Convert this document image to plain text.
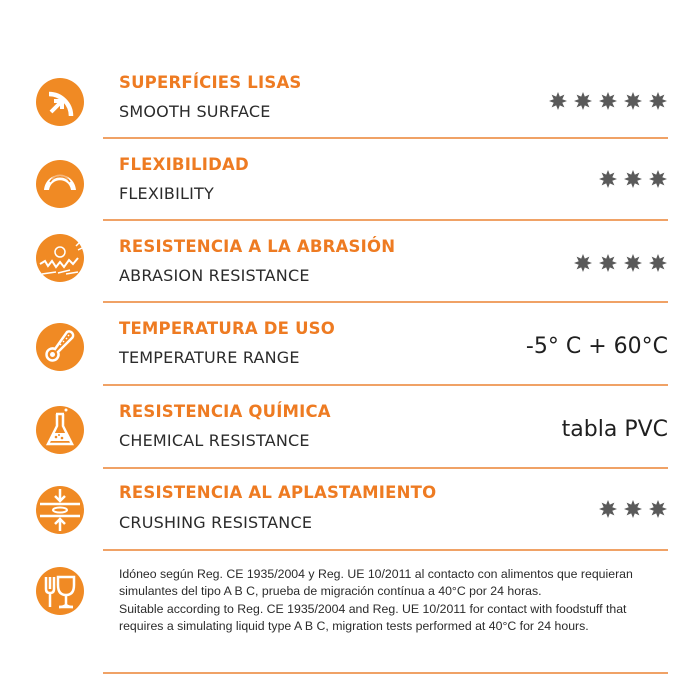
SUPERFÍCIES LISAS
SMOOTH SURFACE
FLEXIBILIDAD
FLEXIBILITY
RESISTENCIA A LA ABRASIÓN
ABRASION RESISTANCE
TEMPERATURA DE USO
TEMPERATURE RANGE	-5° C + 60°C
RESISTENCIA QUÍMICA
CHEMICAL RESISTANCE	tabla PVC
RESISTENCIA AL APLASTAMIENTO
CRUSHING RESISTANCE

Idóneo según Reg. CE 1935/2004 y Reg. UE 10/2011 al contacto con alimentos que requieran simulantes del tipo A B C, prueba de migración contínua a 40°C por 24 horas.

Suitable according to Reg. CE 1935/2004 and Reg. UE 10/2011 for contact with foodstuff that requires a simulating liquid type A B C, migration tests performed at 40°C for 24 hours.
